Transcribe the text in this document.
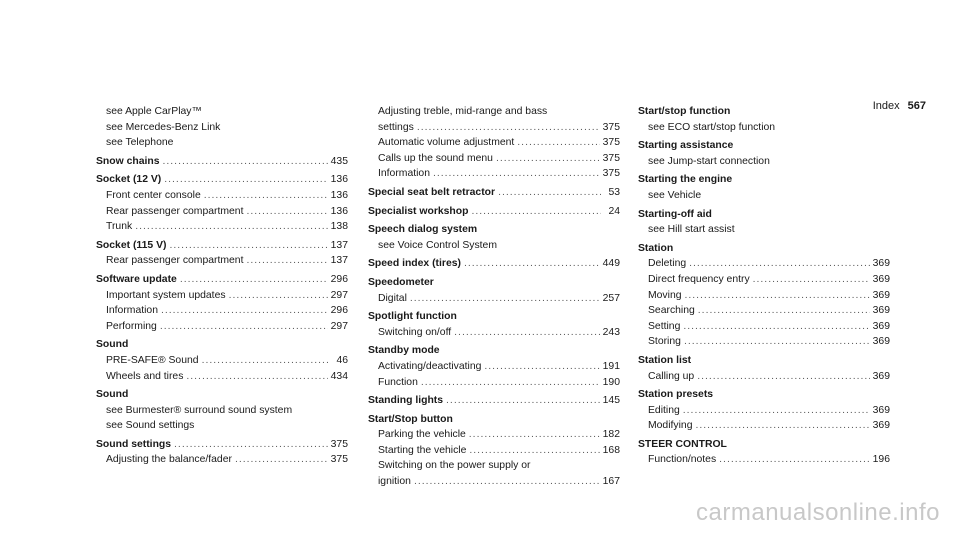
Index 567
see Apple CarPlay™
see Mercedes-Benz Link
see Telephone
Snow chains .....	435
Socket (12 V) .....	136
Front center console .....	136
Rear passenger compartment .....	136
Trunk .....	138
Socket (115 V) .....	137
Rear passenger compartment .....	137
Software update .....	296
Important system updates .....	297
Information .....	296
Performing .....	297
Sound
PRE-SAFE® Sound .....	46
Wheels and tires .....	434
Sound
see Burmester® surround sound system
see Sound settings
Sound settings .....	375
Adjusting the balance/fader .....	375
Adjusting treble, mid-range and bass
settings .....	375
Automatic volume adjustment .....	375
Calls up the sound menu .....	375
Information .....	375
Special seat belt retractor .....	53
Specialist workshop .....	24
Speech dialog system
see Voice Control System
Speed index (tires) .....	449
Speedometer
Digital .....	257
Spotlight function
Switching on/off .....	243
Standby mode
Activating/deactivating .....	191
Function .....	190
Standing lights .....	145
Start/Stop button
Parking the vehicle .....	182
Starting the vehicle .....	168
Switching on the power supply or
ignition .....	167
Start/stop function
see ECO start/stop function
Starting assistance
see Jump-start connection
Starting the engine
see Vehicle
Starting-off aid
see Hill start assist
Station
Deleting .....	369
Direct frequency entry .....	369
Moving .....	369
Searching .....	369
Setting .....	369
Storing .....	369
Station list
Calling up .....	369
Station presets
Editing .....	369
Modifying .....	369
STEER CONTROL
Function/notes .....	196
carmanualsonline.info
